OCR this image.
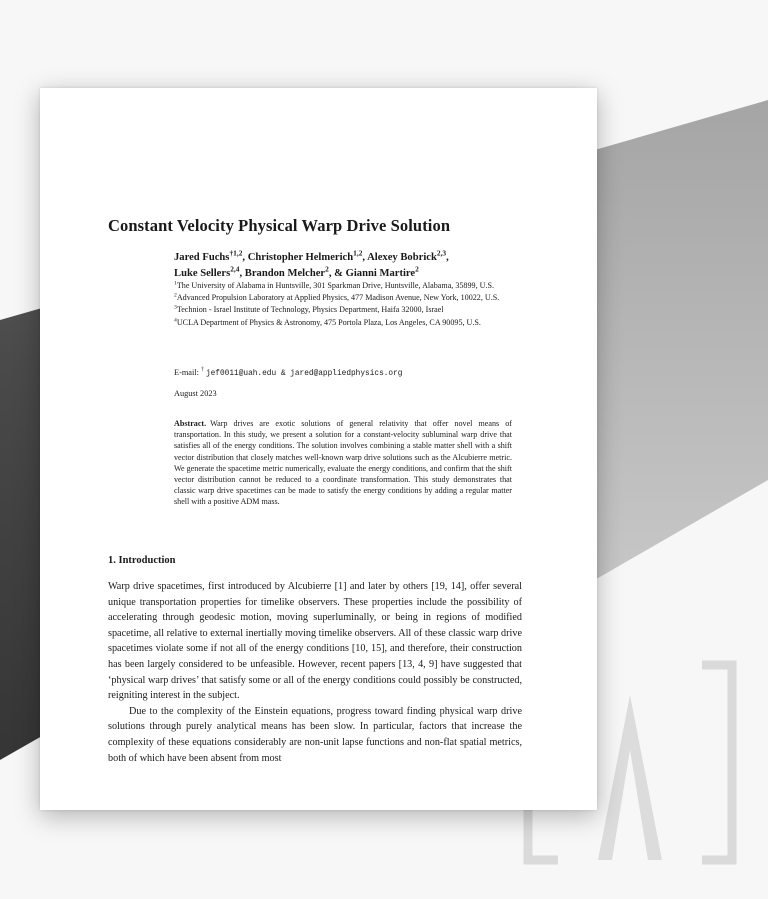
Constant Velocity Physical Warp Drive Solution
Jared Fuchs$^{\dagger 1,2}$, Christopher Helmerich$^{1,2}$, Alexey Bobrick$^{2,3}$,
Luke Sellers$^{2,4}$, Brandon Melcher$^2$, & Gianni Martire$^2$
$^1$The University of Alabama in Huntsville, 301 Sparkman Drive, Huntsville, Alabama, 35899, U.S.
$^2$Advanced Propulsion Laboratory at Applied Physics, 477 Madison Avenue, New York, 10022, U.S.
$^3$Technion - Israel Institute of Technology, Physics Department, Haifa 32000, Israel
$^4$UCLA Department of Physics & Astronomy, 475 Portola Plaza, Los Angeles, CA 90095, U.S.
E-mail: † jef0011@uah.edu & jared@appliedphysics.org
August 2023
Abstract. Warp drives are exotic solutions of general relativity that offer novel means of transportation. In this study, we present a solution for a constant-velocity subluminal warp drive that satisfies all of the energy conditions. The solution involves combining a stable matter shell with a shift vector distribution that closely matches well-known warp drive solutions such as the Alcubierre metric. We generate the spacetime metric numerically, evaluate the energy conditions, and confirm that the shift vector distribution cannot be reduced to a coordinate transformation. This study demonstrates that classic warp drive spacetimes can be made to satisfy the energy conditions by adding a regular matter shell with a positive ADM mass.
1. Introduction

Warp drive spacetimes, first introduced by Alcubierre [1] and later by others [19, 14], offer several unique transportation properties for timelike observers. These properties include the possibility of accelerating through geodesic motion, moving superluminally, or being in regions of modified spacetime, all relative to external inertially moving timelike observers. All of these classic warp drive spacetimes violate some if not all of the energy conditions [10, 15], and therefore, their construction has been largely considered to be unfeasible. However, recent papers [13, 4, 9] have suggested that ‘physical warp drives’ that satisfy some or all of the energy conditions could possibly be constructed, reigniting interest in the subject.

Due to the complexity of the Einstein equations, progress toward finding physical warp drive solutions through purely analytical means has been slow. In particular, factors that increase the complexity of these equations considerably are non-unit lapse functions and non-flat spatial metrics, both of which have been absent from most
